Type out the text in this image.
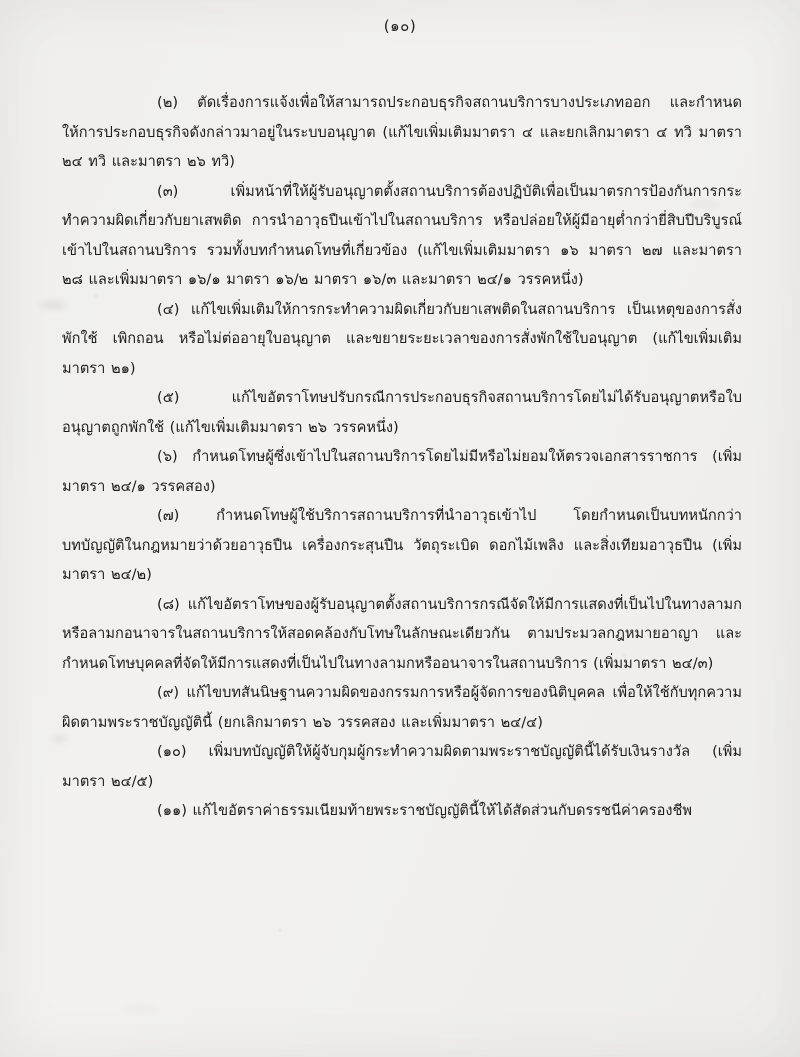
(๑๐)

(๒) ตัดเรื่องการแจ้งเพื่อให้สามารถประกอบธุรกิจสถานบริการบางประเภทออก และกำหนดให้การประกอบธุรกิจดังกล่าวมาอยู่ในระบบอนุญาต (แก้ไขเพิ่มเติมมาตรา ๔ และยกเลิกมาตรา ๔ ทวิ มาตรา ๒๔ ทวิ และมาตรา ๒๖ ทวิ)

(๓) เพิ่มหน้าที่ให้ผู้รับอนุญาตตั้งสถานบริการต้องปฏิบัติเพื่อเป็นมาตรการป้องกันการกระทำความผิดเกี่ยวกับยาเสพติด การนำอาวุธปืนเข้าไปในสถานบริการ หรือปล่อยให้ผู้มีอายุต่ำกว่ายี่สิบปีบริบูรณ์เข้าไปในสถานบริการ รวมทั้งบทกำหนดโทษที่เกี่ยวข้อง (แก้ไขเพิ่มเติมมาตรา ๑๖ มาตรา ๒๗ และมาตรา ๒๘ และเพิ่มมาตรา ๑๖/๑ มาตรา ๑๖/๒ มาตรา ๑๖/๓ และมาตรา ๒๔/๑ วรรคหนึ่ง)

(๔) แก้ไขเพิ่มเติมให้การกระทำความผิดเกี่ยวกับยาเสพติดในสถานบริการ เป็นเหตุของการสั่งพักใช้ เพิกถอน หรือไม่ต่ออายุใบอนุญาต และขยายระยะเวลาของการสั่งพักใช้ใบอนุญาต (แก้ไขเพิ่มเติมมาตรา ๒๑)

(๕) แก้ไขอัตราโทษปรับกรณีการประกอบธุรกิจสถานบริการโดยไม่ได้รับอนุญาตหรือใบอนุญาตถูกพักใช้ (แก้ไขเพิ่มเติมมาตรา ๒๖ วรรคหนึ่ง)

(๖) กำหนดโทษผู้ซึ่งเข้าไปในสถานบริการโดยไม่มีหรือไม่ยอมให้ตรวจเอกสารราชการ (เพิ่มมาตรา ๒๔/๑ วรรคสอง)

(๗) กำหนดโทษผู้ใช้บริการสถานบริการที่นำอาวุธเข้าไป โดยกำหนดเป็นบทหนักกว่าบทบัญญัติในกฎหมายว่าด้วยอาวุธปืน เครื่องกระสุนปืน วัตถุระเบิด ดอกไม้เพลิง และสิ่งเทียมอาวุธปืน (เพิ่มมาตรา ๒๔/๒)

(๘) แก้ไขอัตราโทษของผู้รับอนุญาตตั้งสถานบริการกรณีจัดให้มีการแสดงที่เป็นไปในทางลามกหรือลามกอนาจารในสถานบริการให้สอดคล้องกับโทษในลักษณะเดียวกัน ตามประมวลกฎหมายอาญา และกำหนดโทษบุคคลที่จัดให้มีการแสดงที่เป็นไปในทางลามกหรืออนาจารในสถานบริการ (เพิ่มมาตรา ๒๔/๓)

(๙) แก้ไขบทสันนิษฐานความผิดของกรรมการหรือผู้จัดการของนิติบุคคล เพื่อให้ใช้กับทุกความผิดตามพระราชบัญญัตินี้ (ยกเลิกมาตรา ๒๖ วรรคสอง และเพิ่มมาตรา ๒๔/๔)

(๑๐) เพิ่มบทบัญญัติให้ผู้จับกุมผู้กระทำความผิดตามพระราชบัญญัตินี้ได้รับเงินรางวัล (เพิ่มมาตรา ๒๔/๕)

(๑๑) แก้ไขอัตราค่าธรรมเนียมท้ายพระราชบัญญัตินี้ให้ได้สัดส่วนกับดรรชนีค่าครองชีพ
